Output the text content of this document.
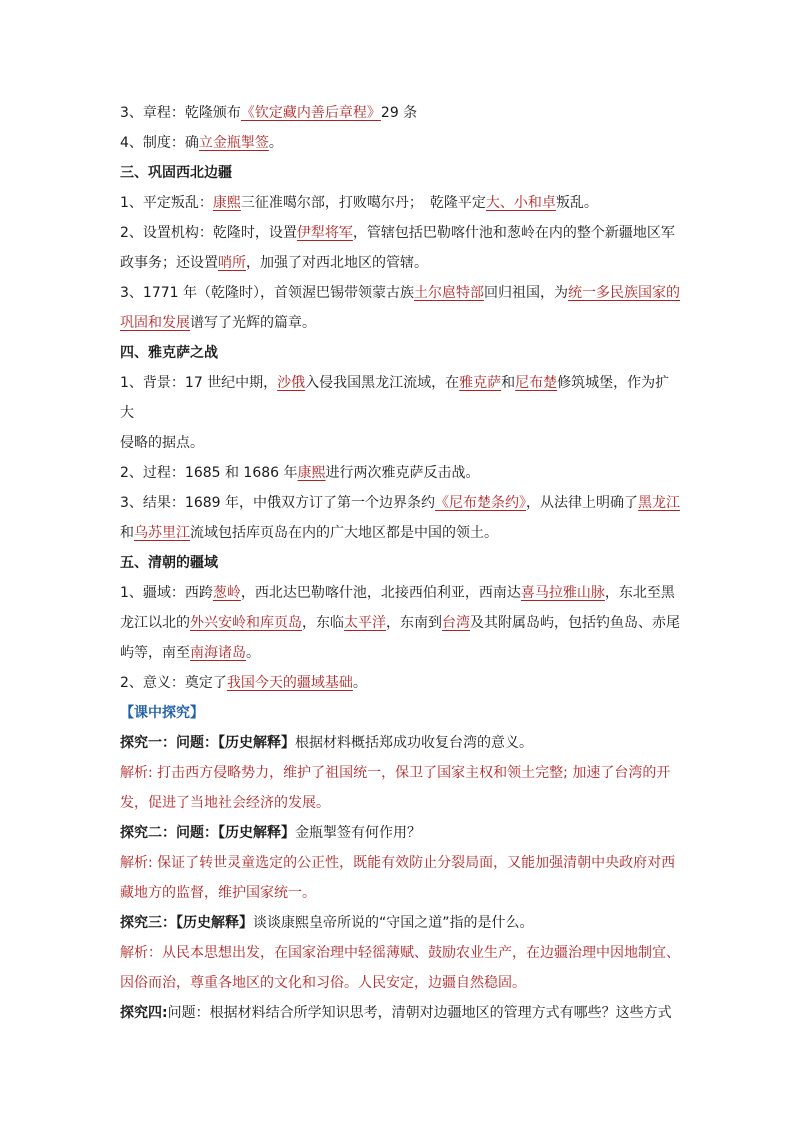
3、章程：乾隆颁布《钦定藏内善后章程》29 条

4、制度：确立金瓶掣签。

三、巩固西北边疆

1、平定叛乱：康熙三征准噶尔部，打败噶尔丹；　乾隆平定大、小和卓叛乱。

2、设置机构：乾隆时，设置伊犁将军，管辖包括巴勒喀什池和葱岭在内的整个新疆地区军

政事务；还设置哨所，加强了对西北地区的管辖。

3、1771 年（乾隆时），首领渥巴锡带领蒙古族土尔扈特部回归祖国，为统一多民族国家的

巩固和发展谱写了光辉的篇章。

四、雅克萨之战

1、背景：17 世纪中期，沙俄入侵我国黑龙江流域，在雅克萨和尼布楚修筑城堡，作为扩大

侵略的据点。

2、过程：1685 和 1686 年康熙进行两次雅克萨反击战。

3、结果：1689 年，中俄双方订了第一个边界条约《尼布楚条约》，从法律上明确了黑龙江

和乌苏里江流域包括库页岛在内的广大地区都是中国的领土。

五、清朝的疆域

1、疆域：西跨葱岭，西北达巴勒喀什池，北接西伯利亚，西南达喜马拉雅山脉，东北至黑

龙江以北的外兴安岭和库页岛，东临太平洋，东南到台湾及其附属岛屿，包括钓鱼岛、赤尾

屿等，南至南海诸岛。

2、意义：奠定了我国今天的疆域基础。

【课中探究】

探究一：问题：【历史解释】根据材料概括郑成功收复台湾的意义。

解析: 打击西方侵略势力，维护了祖国统一，保卫了国家主权和领土完整; 加速了台湾的开

发，促进了当地社会经济的发展。

探究二：问题：【历史解释】金瓶掣签有何作用？

解析: 保证了转世灵童选定的公正性，既能有效防止分裂局面，又能加强清朝中央政府对西

藏地方的监督，维护国家统一。

探究三：【历史解释】谈谈康熙皇帝所说的“守国之道”指的是什么。

解析：从民本思想出发，在国家治理中轻徭薄赋、鼓励农业生产，在边疆治理中因地制宜、

因俗而治，尊重各地区的文化和习俗。人民安定，边疆自然稳固。

探究四:问题：根据材料结合所学知识思考，清朝对边疆地区的管理方式有哪些？这些方式
